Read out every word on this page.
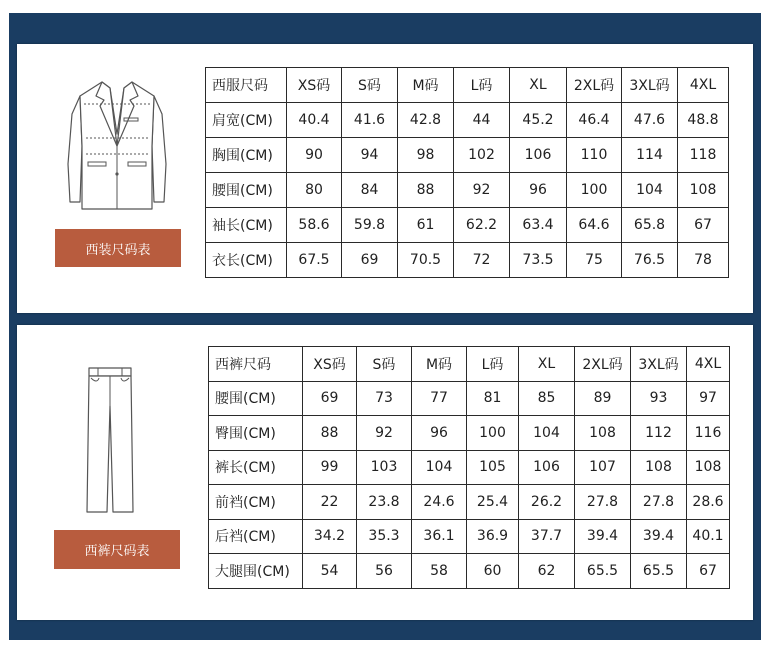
西装尺码表
西服尺码	XS码	S码	M码	L码	XL	2XL码	3XL码	4XL
肩宽(CM)	40.4	41.6	42.8	44	45.2	46.4	47.6	48.8
胸围(CM)	90	94	98	102	106	110	114	118
腰围(CM)	80	84	88	92	96	100	104	108
袖长(CM)	58.6	59.8	61	62.2	63.4	64.6	65.8	67
衣长(CM)	67.5	69	70.5	72	73.5	75	76.5	78
西裤尺码表
西裤尺码	XS码	S码	M码	L码	XL	2XL码	3XL码	4XL
腰围(CM)	69	73	77	81	85	89	93	97
臀围(CM)	88	92	96	100	104	108	112	116
裤长(CM)	99	103	104	105	106	107	108	108
前裆(CM)	22	23.8	24.6	25.4	26.2	27.8	27.8	28.6
后裆(CM)	34.2	35.3	36.1	36.9	37.7	39.4	39.4	40.1
大腿围(CM)	54	56	58	60	62	65.5	65.5	67
